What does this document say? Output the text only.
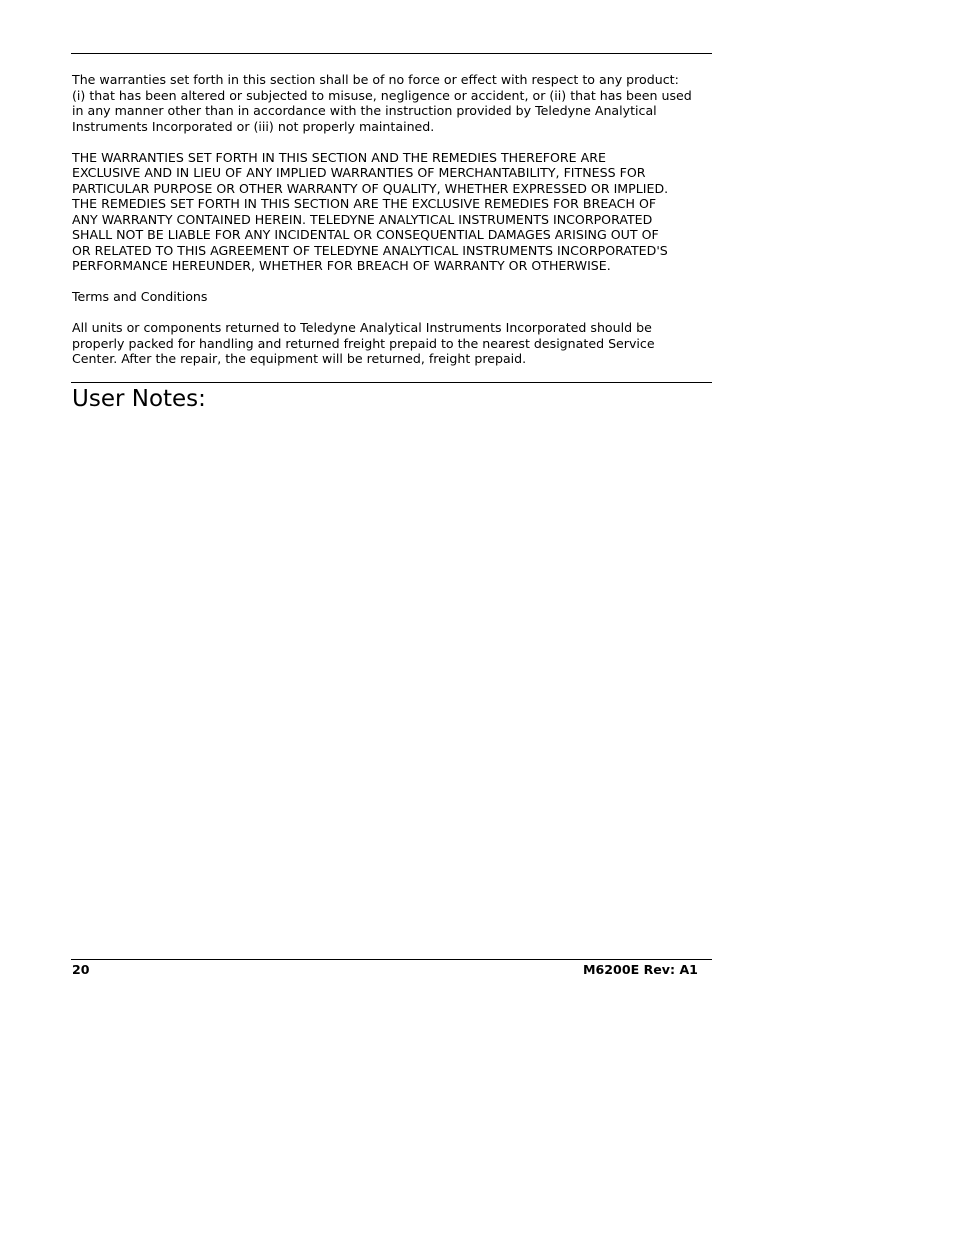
The warranties set forth in this section shall be of no force or effect with respect to any product:
(i) that has been altered or subjected to misuse, negligence or accident, or (ii) that has been used
in any manner other than in accordance with the instruction provided by Teledyne Analytical
Instruments Incorporated or (iii) not properly maintained.

THE WARRANTIES SET FORTH IN THIS SECTION AND THE REMEDIES THEREFORE ARE
EXCLUSIVE AND IN LIEU OF ANY IMPLIED WARRANTIES OF MERCHANTABILITY, FITNESS FOR
PARTICULAR PURPOSE OR OTHER WARRANTY OF QUALITY, WHETHER EXPRESSED OR IMPLIED.
THE REMEDIES SET FORTH IN THIS SECTION ARE THE EXCLUSIVE REMEDIES FOR BREACH OF
ANY WARRANTY CONTAINED HEREIN. TELEDYNE ANALYTICAL INSTRUMENTS INCORPORATED
SHALL NOT BE LIABLE FOR ANY INCIDENTAL OR CONSEQUENTIAL DAMAGES ARISING OUT OF
OR RELATED TO THIS AGREEMENT OF TELEDYNE ANALYTICAL INSTRUMENTS INCORPORATED'S
PERFORMANCE HEREUNDER, WHETHER FOR BREACH OF WARRANTY OR OTHERWISE.

Terms and Conditions

All units or components returned to Teledyne Analytical Instruments Incorporated should be
properly packed for handling and returned freight prepaid to the nearest designated Service
Center. After the repair, the equipment will be returned, freight prepaid.

User Notes:
20	M6200E Rev: A1
